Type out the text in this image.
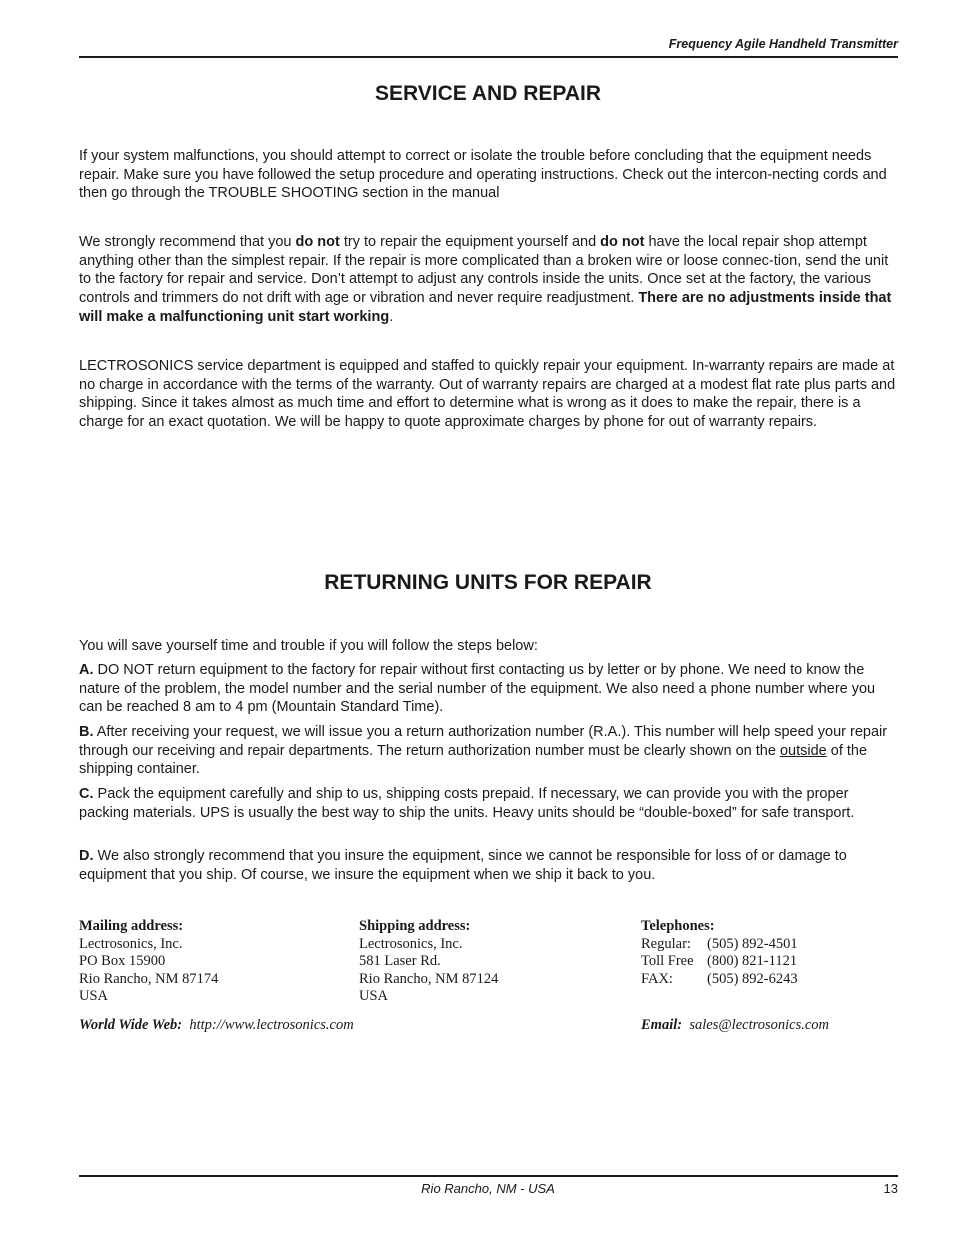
Frequency Agile Handheld Transmitter
SERVICE AND REPAIR

If your system malfunctions, you should attempt to correct or isolate the trouble before concluding that the equipment needs repair. Make sure you have followed the setup procedure and operating instructions. Check out the intercon-necting cords and then go through the TROUBLE SHOOTING section in the manual

We strongly recommend that you do not try to repair the equipment yourself and do not have the local repair shop attempt anything other than the simplest repair. If the repair is more complicated than a broken wire or loose connec-tion, send the unit to the factory for repair and service. Don’t attempt to adjust any controls inside the units. Once set at the factory, the various controls and trimmers do not drift with age or vibration and never require readjustment. There are no adjustments inside that will make a malfunctioning unit start working.

LECTROSONICS service department is equipped and staffed to quickly repair your equipment. In-warranty repairs are made at no charge in accordance with the terms of the warranty. Out of warranty repairs are charged at a modest flat rate plus parts and shipping. Since it takes almost as much time and effort to determine what is wrong as it does to make the repair, there is a charge for an exact quotation. We will be happy to quote approximate charges by phone for out of warranty repairs.

RETURNING UNITS FOR REPAIR
You will save yourself time and trouble if you will follow the steps below:

A. DO NOT return equipment to the factory for repair without first contacting us by letter or by phone. We need to know the nature of the problem, the model number and the serial number of the equipment. We also need a phone number where you can be reached 8 am to 4 pm (Mountain Standard Time).

B. After receiving your request, we will issue you a return authorization number (R.A.). This number will help speed your repair through our receiving and repair departments. The return authorization number must be clearly shown on the outside of the shipping container.

C. Pack the equipment carefully and ship to us, shipping costs prepaid. If necessary, we can provide you with the proper packing materials. UPS is usually the best way to ship the units. Heavy units should be “double-boxed” for safe transport.

D. We also strongly recommend that you insure the equipment, since we cannot be responsible for loss of or damage to equipment that you ship. Of course, we insure the equipment when we ship it back to you.

Mailing address:
Lectrosonics, Inc.
PO Box 15900
Rio Rancho, NM 87174
USA
Shipping address:
Lectrosonics, Inc.
581 Laser Rd.
Rio Rancho, NM 87124
USA
Telephones:
Regular: (505) 892-4501
Toll Free (800) 821-1121
FAX: (505) 892-6243
World Wide Web: http://www.lectrosonics.com	Email: sales@lectrosonics.com
Rio Rancho, NM - USA	13
